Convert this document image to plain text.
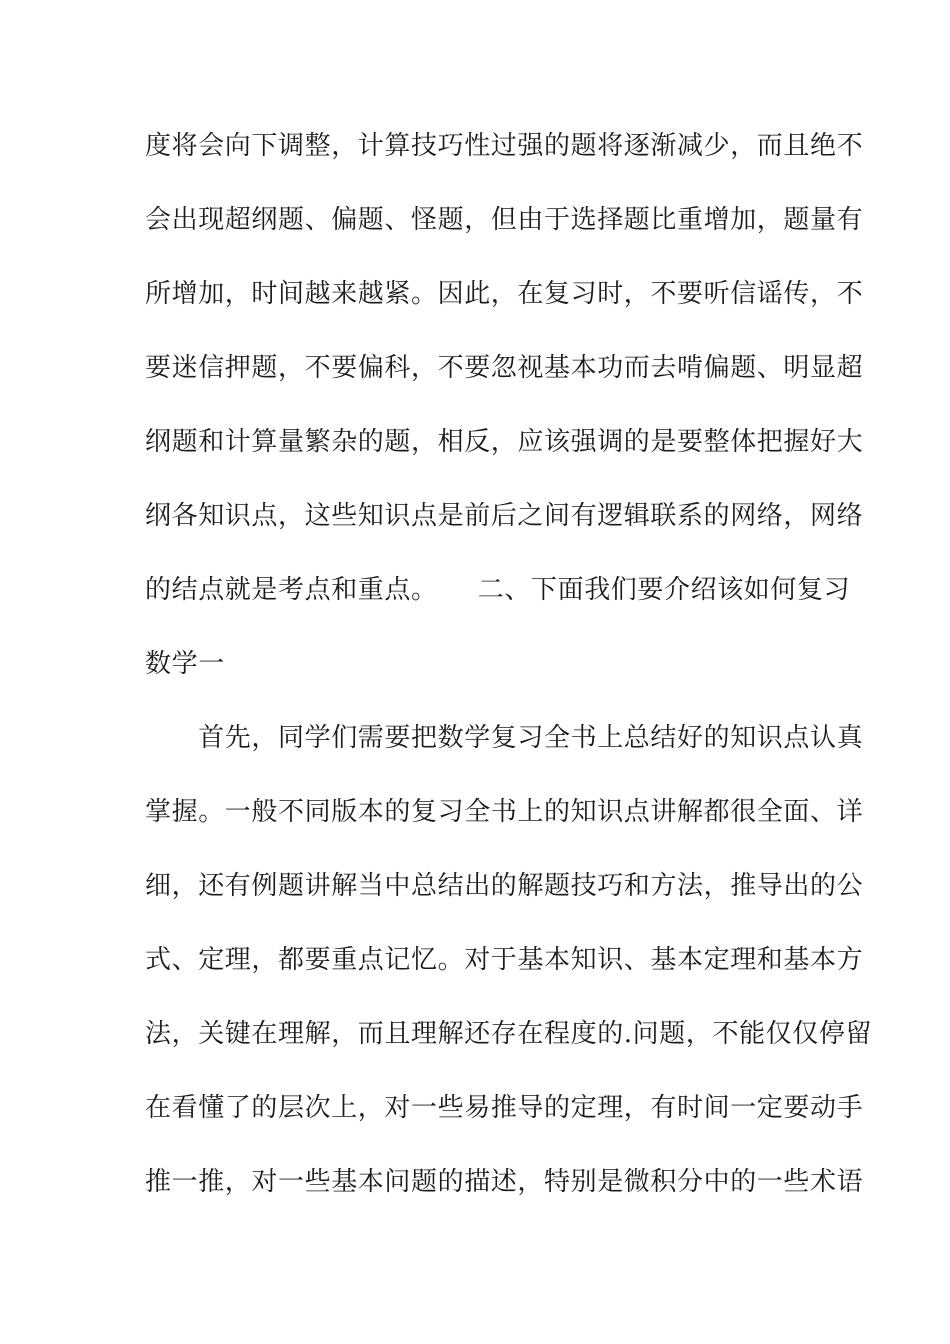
度将会向下调整，计算技巧性过强的题将逐渐减少，而且绝不
会出现超纲题、偏题、怪题，但由于选择题比重增加，题量有
所增加，时间越来越紧。因此，在复习时，不要听信谣传，不
要迷信押题，不要偏科，不要忽视基本功而去啃偏题、明显超
纲题和计算量繁杂的题，相反，应该强调的是要整体把握好大
纲各知识点，这些知识点是前后之间有逻辑联系的网络，网络
的结点就是考点和重点。　　二、下面我们要介绍该如何复习
数学一
　　首先，同学们需要把数学复习全书上总结好的知识点认真
掌握。一般不同版本的复习全书上的知识点讲解都很全面、详
细，还有例题讲解当中总结出的解题技巧和方法，推导出的公
式、定理，都要重点记忆。对于基本知识、基本定理和基本方
法，关键在理解，而且理解还存在程度的.问题，不能仅仅停留
在看懂了的层次上，对一些易推导的定理，有时间一定要动手
推一推，对一些基本问题的描述，特别是微积分中的一些术语
